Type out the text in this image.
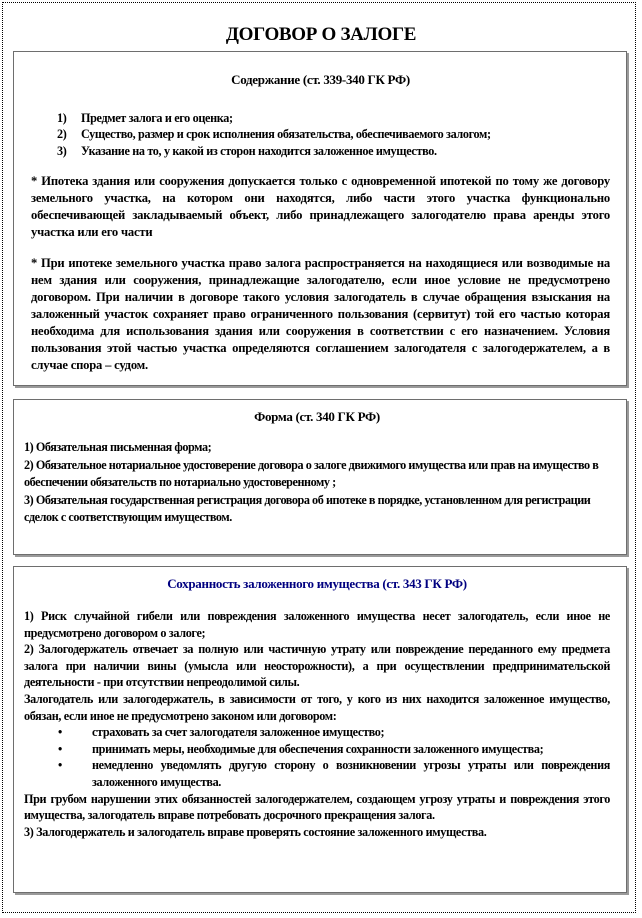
ДОГОВОР О ЗАЛОГЕ
Содержание (ст. 339-340 ГК РФ)
1) Предмет залога и его оценка;
2) Существо, размер и срок исполнения обязательства, обеспечиваемого залогом;
3) Указание на то, у какой из сторон находится заложенное имущество.

* Ипотека здания или сооружения допускается только с одновременной ипотекой по тому же договору земельного участка, на котором они находятся, либо части этого участка функционально обеспечивающей закладываемый объект, либо принадлежащего залогодателю права аренды этого участка или его части

* При ипотеке земельного участка право залога распространяется на находящиеся или возводимые на нем здания или сооружения, принадлежащие залогодателю, если иное условие не предусмотрено договором. При наличии в договоре такого условия залогодатель в случае обращения взыскания на заложенный участок сохраняет право ограниченного пользования (сервитут) той его частью которая необходима для использования здания или сооружения в соответствии с его назначением. Условия пользования этой частью участка определяются соглашением залогодателя с залогодержателем, а в случае спора – судом.

Форма (ст. 340 ГК РФ)
1) Обязательная письменная форма;
2) Обязательное нотариальное удостоверение договора о залоге движимого имущества или прав на имущество в обеспечении обязательств по нотариально удостоверенному ;
3) Обязательная государственная регистрация договора об ипотеке в порядке, установленном для регистрации сделок с соответствующим имуществом.
Сохранность заложенного имущества (ст. 343 ГК РФ)

1) Риск случайной гибели или повреждения заложенного имущества несет залогодатель, если иное не предусмотрено договором о залоге;

2) Залогодержатель отвечает за полную или частичную утрату или повреждение переданного ему предмета залога при наличии вины (умысла или неосторожности), а при осуществлении предпринимательской деятельности - при отсутствии непреодолимой силы.

Залогодатель или залогодержатель, в зависимости от того, у кого из них находится заложенное имущество, обязан, если иное не предусмотрено законом или договором:

• страховать за счет залогодателя заложенное имущество;
• принимать меры, необходимые для обеспечения сохранности заложенного имущества;
• немедленно уведомлять другую сторону о возникновении угрозы утраты или повреждения заложенного имущества.

При грубом нарушении этих обязанностей залогодержателем, создающем угрозу утраты и повреждения этого имущества, залогодатель вправе потребовать досрочного прекращения залога.

3) Залогодержатель и залогодатель вправе проверять состояние заложенного имущества.
